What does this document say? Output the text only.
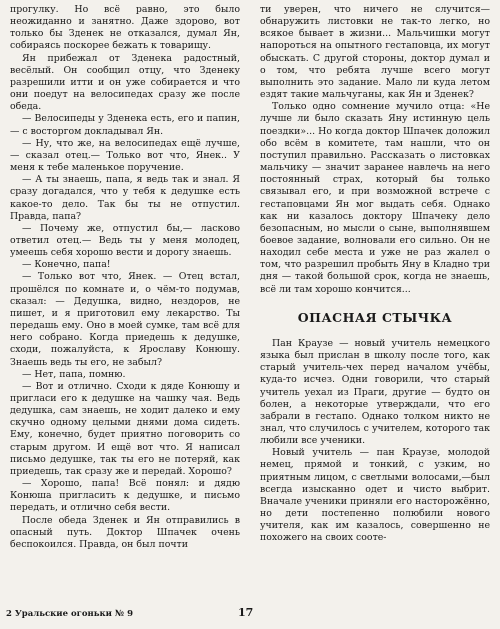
прогулку. Но всё равно, это было неожиданно и занятно. Даже здорово, вот только бы Зденек не отказался, думал Ян, собираясь поскорее бежать к товарищу.

Ян прибежал от Зденека радостный, весёлый. Он сообщил отцу, что Зденеку разрешили итти и он уже собирается и что они поедут на велосипедах сразу же после обеда.

— Велосипеды у Зденека есть, его и папин,— с восторгом докладывал Ян.

— Ну, что же, на велосипедах ещё лучше,— сказал отец.— Только вот что, Янек.. У меня к тебе маленькое поручение.

— А ты знаешь, папа, я ведь так и знал. Я сразу догадался, что у тебя к дедушке есть какое-то дело. Так бы ты не отпустил. Правда, папа?

— Почему же, отпустил бы,— ласково ответил отец.— Ведь ты у меня молодец, умеешь себя хорошо вести и дорогу знаешь.

— Конечно, папа!

— Только вот что, Янек. — Отец встал, прошёлся по комнате и, о чём-то подумав, сказал: — Дедушка, видно, нездоров, не пишет, и я приготовил ему лекарство. Ты передашь ему. Оно в моей сумке, там всё для него собрано. Когда приедешь к дедушке, сходи, пожалуйста, к Ярославу Конюшу. Знаешь ведь ты его, не забыл?

— Нет, папа, помню.

— Вот и отлично. Сходи к дяде Конюшу и пригласи его к дедушке на чашку чая. Ведь дедушка, сам знаешь, не ходит далеко и ему скучно одному целыми днями дома сидеть. Ему, конечно, будет приятно поговорить со старым другом. И ещё вот что. Я написал письмо дедушке, так ты его не потеряй, как приедешь, так сразу же и передай. Хорошо?

— Хорошо, папа! Всё понял: и дядю Конюша пригласить к дедушке, и письмо передать, и отлично себя вести.

После обеда Зденек и Ян отправились в опасный путь. Доктор Шпачек очень беспокоился. Правда, он был почти

ти уверен, что ничего не случится—обнаружить листовки не так-то легко, но всякое бывает в жизни... Мальчишки могут напороться на опытного гестаповца, их могут обыскать. С другой стороны, доктор думал и о том, что ребята лучше всего могут выполнить это задание. Мало ли куда летом ездят такие мальчуганы, как Ян и Зденек?

Только одно сомнение мучило отца: «Не лучше ли было сказать Яну истинную цель поездки»... Но когда доктор Шпачек доложил обо всём в комитете, там нашли, что он поступил правильно. Рассказать о листовках мальчику — значит заранее навлечь на него постоянный страх, который бы только связывал его, и при возможной встрече с гестаповцами Ян мог выдать себя. Однако как ни казалось доктору Шпачеку дело безопасным, но мысли о сыне, выполнявшем боевое задание, волновали его сильно. Он не находил себе места и уже не раз жалел о том, что разрешил пробыть Яну в Кладно три дня — такой большой срок, когда не знаешь, всё ли там хорошо кончится...

ОПАСНАЯ СТЫЧКА

Пан Краузе — новый учитель немецкого языка был прислан в школу после того, как старый учитель-чех перед началом учёбы, куда-то исчез. Одни говорили, что старый учитель уехал из Праги, другие — будто он болен, а некоторые утверждали, что его забрали в гестапо. Однако толком никто не знал, что случилось с учителем, которого так любили все ученики.

Новый учитель — пан Краузе, молодой немец, прямой и тонкий, с узким, но приятным лицом, с светлыми волосами,—был всегда изысканно одет и чисто выбрит. Вначале ученики приняли его насторожённо, но дети постепенно полюбили нового учителя, как им казалось, совершенно не похожего на своих сооте-

2 Уральские огоньки № 9	17
